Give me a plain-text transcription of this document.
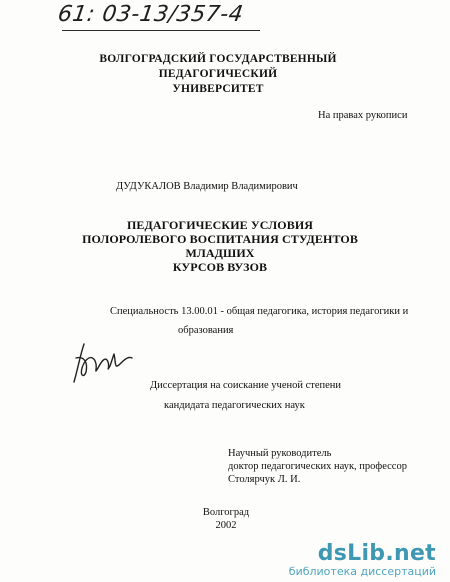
61: 03-13/357-4
ВОЛГОГРАДСКИЙ ГОСУДАРСТВЕННЫЙ ПЕДАГОГИЧЕСКИЙ
УНИВЕРСИТЕТ
На правах рукописи
ДУДУКАЛОВ Владимир Владимирович
ПЕДАГОГИЧЕСКИЕ УСЛОВИЯ
ПОЛОРОЛЕВОГО ВОСПИТАНИЯ СТУДЕНТОВ МЛАДШИХ
КУРСОВ ВУЗОВ
Специальность 13.00.01 - общая педагогика, история педагогики и
образования
Диссертация на соискание ученой степени
кандидата педагогических наук
Научный руководитель
доктор педагогических наук, профессор
Столярчук Л. И.
Волгоград
2002
dsLib.net
библиотека диссертаций
